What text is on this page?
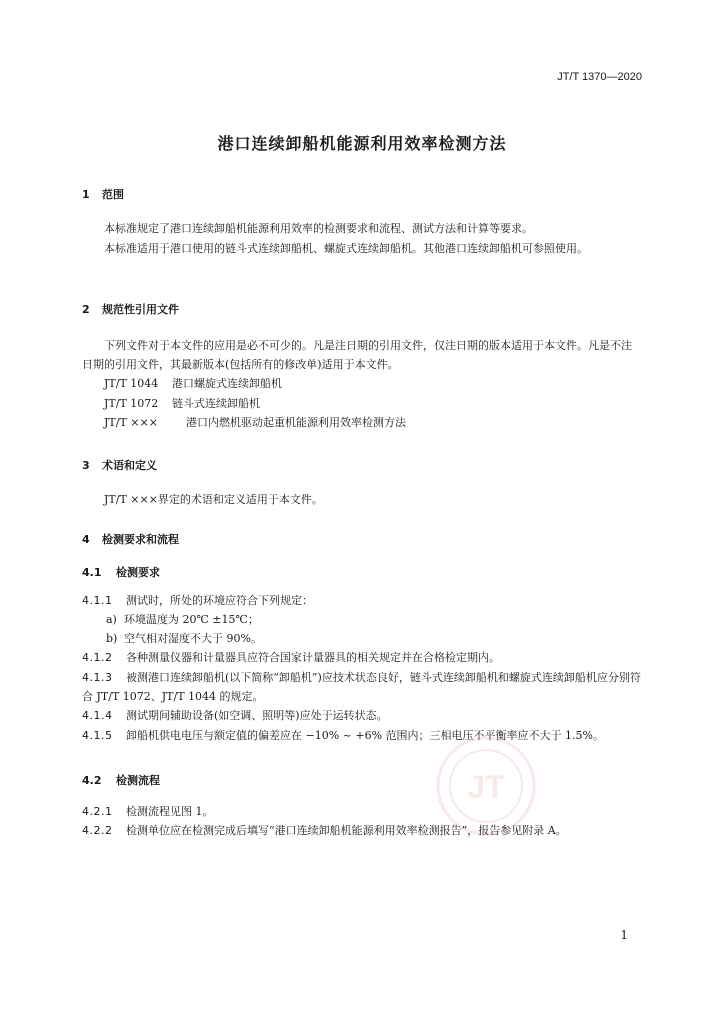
JT/T 1370—2020
港口连续卸船机能源利用效率检测方法
1 范围
本标准规定了港口连续卸船机能源利用效率的检测要求和流程、测试方法和计算等要求。
本标准适用于港口使用的链斗式连续卸船机、螺旋式连续卸船机。其他港口连续卸船机可参照使用。
2 规范性引用文件
下列文件对于本文件的应用是必不可少的。凡是注日期的引用文件，仅注日期的版本适用于本文件。凡是不注日期的引用文件，其最新版本(包括所有的修改单)适用于本文件。
JT/T 1044 港口螺旋式连续卸船机
JT/T 1072 链斗式连续卸船机
JT/T ×××	港口内燃机驱动起重机能源利用效率检测方法
3 术语和定义
JT/T ×××界定的术语和定义适用于本文件。
4 检测要求和流程
4.1 检测要求
4.1.1 测试时，所处的环境应符合下列规定：
a) 环境温度为 20℃ ±15℃；
b) 空气相对湿度不大于 90%。
4.1.2 各种测量仪器和计量器具应符合国家计量器具的相关规定并在合格检定期内。
4.1.3 被测港口连续卸船机(以下简称“卸船机”)应技术状态良好，链斗式连续卸船机和螺旋式连续卸船机应分别符合 JT/T 1072、JT/T 1044 的规定。
4.1.4 测试期间辅助设备(如空调、照明等)应处于运转状态。
4.1.5 卸船机供电电压与额定值的偏差应在 −10% ~ +6% 范围内；三相电压不平衡率应不大于 1.5%。
4.2 检测流程
4.2.1 检测流程见图 1。
4.2.2 检测单位应在检测完成后填写“港口连续卸船机能源利用效率检测报告”，报告参见附录 A。
JT
1
